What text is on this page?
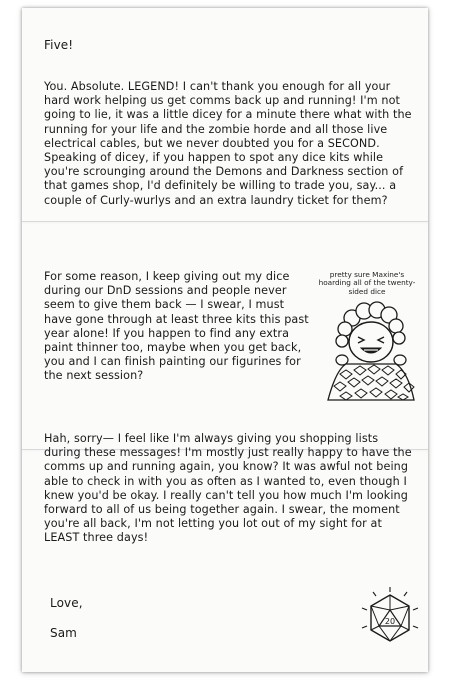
Five!

You. Absolute. LEGEND! I can't thank you enough for all your hard work helping us get comms back up and running! I'm not going to lie, it was a little dicey for a minute there what with the running for your life and the zombie horde and all those live electrical cables, but we never doubted you for a SECOND. Speaking of dicey, if you happen to spot any dice kits while you're scrounging around the Demons and Darkness section of that games shop, I'd definitely be willing to trade you, say... a couple of Curly-wurlys and an extra laundry ticket for them?

For some reason, I keep giving out my dice during our DnD sessions and people never seem to give them back — I swear, I must have gone through at least three kits this past year alone! If you happen to find any extra paint thinner too, maybe when you get back, you and I can finish painting our figurines for the next session?

pretty sure Maxine's hoarding all of the twenty-sided dice

Hah, sorry— I feel like I'm always giving you shopping lists during these messages! I'm mostly just really happy to have the comms up and running again, you know? It was awful not being able to check in with you as often as I wanted to, even though I knew you'd be okay. I really can't tell you how much I'm looking forward to all of us being together again. I swear, the moment you're all back, I'm not letting you lot out of my sight for at LEAST three days!

Love,

Sam

20
